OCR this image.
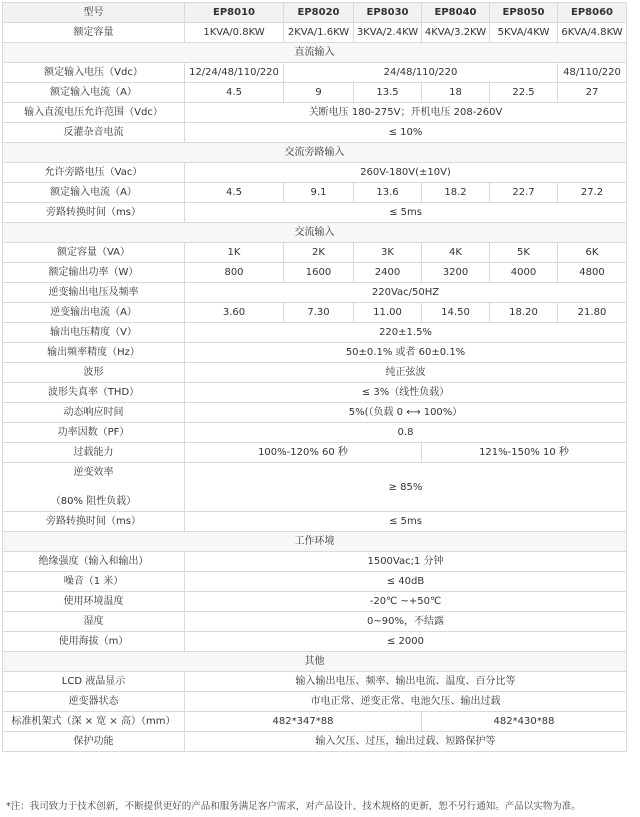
型号	EP8010	EP8020	EP8030	EP8040	EP8050	EP8060
额定容量	1KVA/0.8KW	2KVA/1.6KW	3KVA/2.4KW	4KVA/3.2KW	5KVA/4KW	6KVA/4.8KW
直流输入						
额定输入电压（Vdc）	12/24/48/110/220	24/48/110/220				48/110/220
额定输入电流（A）	4.5	9	13.5	18	22.5	27
输入直流电压允许范围（Vdc）	关断电压 180-275V；开机电压 208-260V					
反灌杂音电流	≤ 10%					
交流旁路输入						
允许旁路电压（Vac）	260V-180V(±10V)					
额定输入电流（A）	4.5	9.1	13.6	18.2	22.7	27.2
旁路转换时间（ms）	≤ 5ms					
交流输入						
额定容量（VA）	1K	2K	3K	4K	5K	6K
额定输出功率（W）	800	1600	2400	3200	4000	4800
逆变输出电压及频率	220Vac/50HZ					
逆变输出电流（A）	3.60	7.30	11.00	14.50	18.20	21.80
输出电压精度（V）	220±1.5%					
输出频率精度（Hz）	50±0.1% 或者 60±0.1%					
波形	纯正弦波					
波形失真率（THD）	≤ 3%（线性负载）					
动态响应时间	5%(（负载 0 ⟷ 100%）					
功率因数（PF）	0.8					
过载能力	100%-120% 60 秒			121%-150% 10 秒		

逆变效率
（80% 阻性负载）	≥ 85%					

旁路转换时间（ms）	≤ 5ms					
工作环境						
绝缘强度（输入和输出）	1500Vac;1 分钟					
噪音（1 米）	≤ 40dB					
使用环境温度	-20℃ ~+50℃					
湿度	0~90%，不结露					
使用海拔（m）	≤ 2000					
其他						
LCD 液晶显示	输入输出电压、频率、输出电流、温度、百分比等					
逆变器状态	市电正常、逆变正常、电池欠压、输出过载					
标准机架式（深 × 宽 × 高）（mm）	482*347*88			482*430*88		
保护功能	输入欠压、过压，输出过载、短路保护等					
*注：我司致力于技术创新，不断提供更好的产品和服务满足客户需求，对产品设计、技术规格的更新，恕不另行通知。产品以实物为准。
